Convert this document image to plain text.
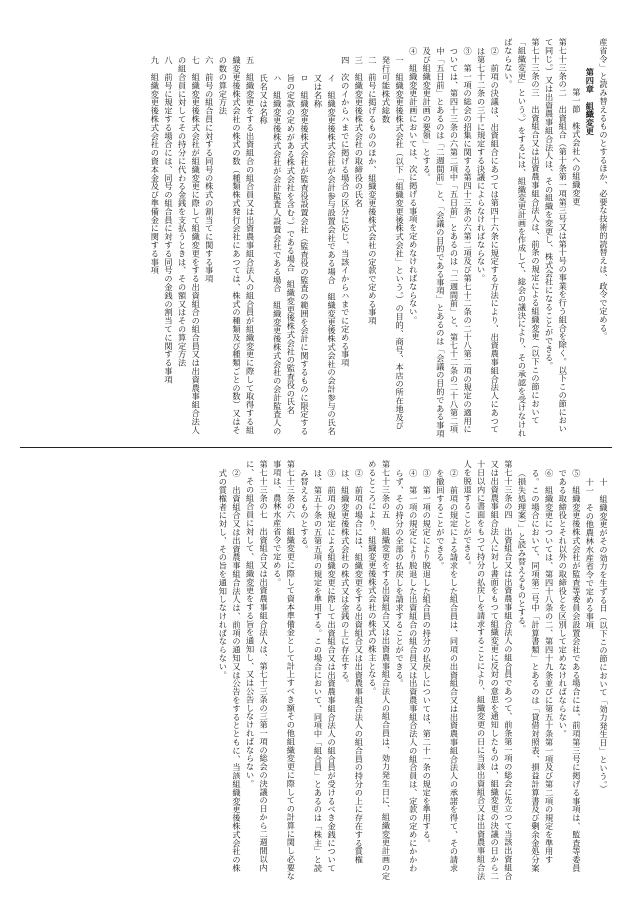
産省令」と読み替えるものとするほか、必要な技術的読替えは、政令で定める。
第四章　組織変更
第一節　株式会社への組織変更
第七十三条の二　出資組合（第十条第一項第三号又は第十号の事業を行う組合を除く。以下この節において同じ。）又は出資農事組合法人は、その組織を変更し、株式会社になることができる。
第七十三条の三　出資組合又は出資農事組合法人は、前条の規定による組織変更（以下この節において「組織変更」という。）をするには、組織変更計画を作成して、総会の議決により、その承認を受けなければならない。
②　前項の決議は、出資組合にあつては第四十六条に規定する方法により、出資農事組合法人にあつては第七十二条の三十に規定する決議によらなければならない。
③　第一項の総会の招集に関する第四十三条の六第二項及び第七十二条の二十八第二項の規定の適用については、第四十三条の六第二項中「五日前」とあるのは「二週間前」と、第七十二条の二十八第二項中「五日前」とあるのは「二週間前」と、「会議の目的である事項」とあるのは「会議の目的である事項及び組織変更計画の要領」とする。
④　組織変更計画においては、次に掲げる事項を定めなければならない。
一　組織変更後株式会社（以下「組織変更後株式会社」という。）の目的、商号、本店の所在地及び発行可能株式総数
二　前号に掲げるもののほか、組織変更後株式会社の定款で定める事項
三　組織変更後株式会社の取締役の氏名
四　次のイからハまでに掲げる場合の区分に応じ、当該イからハまでに定める事項
イ　組織変更後株式会社が会計参与設置会社である場合　組織変更後株式会社の会計参与の氏名又は名称
ロ　組織変更後株式会社が監査役設置会社（監査役の監査の範囲を会計に関するものに限定する旨の定款の定めがある株式会社を含む。）である場合　組織変更後株式会社の監査役の氏名
ハ　組織変更後株式会社が会計監査人設置会社である場合　組織変更後株式会社の会計監査人の氏名又は名称
五　組織変更をする出資組合の組合員又は出資農事組合法人の組合員が組織変更に際して取得する組織変更後株式会社の株式の数（種類株式発行会社にあつては、株式の種類及び種類ごとの数）又はその数の算定方法
六　前号の組合員に対する同号の株式の割当てに関する事項
七　組織変更後株式会社が組織変更に際して組織変更をする出資組合の組合員又は出資農事組合法人の組合員に対してその持分に代わる金銭を支払うときは、その額又はその算定方法
八　前号に規定する場合には、同号の組合員に対する同号の金銭の割当てに関する事項
九　組織変更後株式会社の資本金及び準備金に関する事項
十　組織変更がその効力を生ずる日（以下この節において「効力発生日」という。）
十一　その他農林水産省令で定める事項
⑤　組織変更後株式会社が監査等委員会設置会社である場合には、前項第三号に掲げる事項は、監査等委員である取締役とそれ以外の取締役とを区別して定めなければならない。
⑥　組織変更については、第四十八条の二、第四十九条並びに第五十条第一項及び第二項の規定を準用する。この場合において、同項第二号中「計算書類」とあるのは「貸借対照表、損益計算書及び剰余金処分案（損失処理案）」と読み替えるものとする。
第七十三条の四　出資組合又は出資農事組合法人の組合員であつて、前条第一項の総会に先立つて当該出資組合又は出資農事組合法人に対し書面をもつて組織変更に反対の意思を通知したものは、組織変更の決議の日から二十日以内に書面をもつて持分の払戻しを請求することにより、組織変更の日に当該出資組合又は出資農事組合法人を脱退することができる。
②　前項の規定による請求をした組合員は、同項の出資組合又は出資農事組合法人の承諾を得て、その請求を撤回することができる。
③　第一項の規定により脱退した組合員の持分の払戻しについては、第二十一条の規定を準用する。
④　第一項の規定により脱退した出資組合の組合員又は出資農事組合法人の組合員は、定款の定めにかかわらず、その持分の全部の払戻しを請求することができる。
第七十三条の五　組織変更をする出資組合又は出資農事組合法人の組合員は、効力発生日に、組織変更計画の定めるところにより、組織変更後株式会社の株式の株主となる。
②　前項の場合には、組織変更をする出資組合又は出資農事組合法人の組合員の持分の上に存在する質権は、組織変更後株式会社の株式又は金銭の上に存在する。
③　前項の規定による組織変更に際して出資組合又は出資農事組合法人の組合員が受けるべき金銭については、第五十条の五第五項の規定を準用する。この場合において、同項中「組合員」とあるのは「株主」と読み替えるものとする。
第七十三条の六　組織変更に際して資本準備金として計上すべき額その他組織変更に際しての計算に関し必要な事項は、農林水産省令で定める。
第七十三条の七　出資組合又は出資農事組合法人は、第七十三条の三第一項の総会の決議の日から二週間以内に、その組合員に対して、組織変更をする旨を通知し、又は公告しなければならない。
②　出資組合又は出資農事組合法人は、前項の通知又は公告をするとともに、当該組織変更後株式会社の株式の質権者に対し、その旨を通知しなければならない。
